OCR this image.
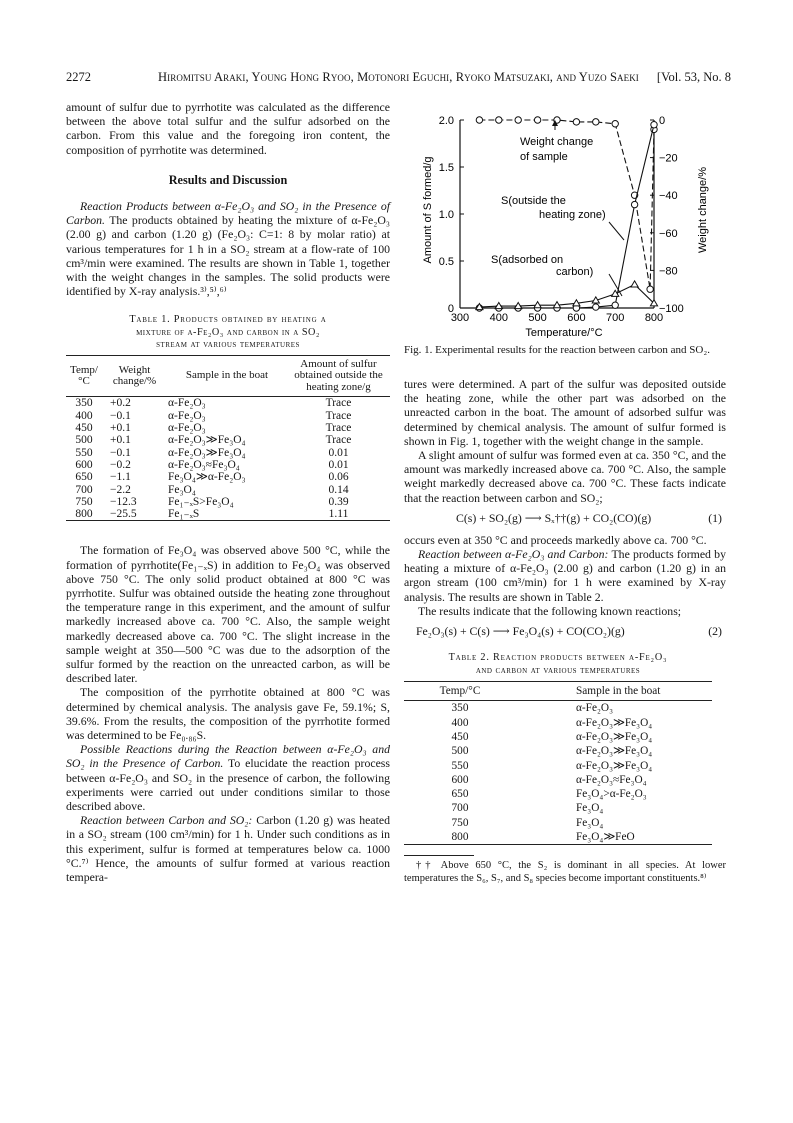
2272	Hiromitsu Araki, Young Hong Ryoo, Motonori Eguchi, Ryoko Matsuzaki, and Yuzo Saeki [Vol. 53, No. 8

amount of sulfur due to pyrrhotite was calculated as the difference between the above total sulfur and the sulfur adsorbed on the carbon. From this value and the foregoing iron content, the composition of pyrrhotite was determined.

Results and Discussion

Reaction Products between α-Fe₂O₃ and SO₂ in the Presence of Carbon. The products obtained by heating the mixture of α-Fe₂O₃ (2.00 g) and carbon (1.20 g) (Fe₂O₃: C=1: 8 by molar ratio) at various temperatures for 1 h in a SO₂ stream at a flow-rate of 100 cm³/min were examined. The results are shown in Table 1, together with the weight changes in the samples. The solid products were identified by X-ray analysis.³⁾,⁵⁾,⁶⁾

Table 1. Products obtained by heating a
mixture of α-Fe₂O₃ and carbon in a SO₂
stream at various temperatures
Temp/ °C	Weight change/%	Sample in the boat	Amount of sulfur obtained outside the heating zone/g
350	+0.2	α-Fe₂O₃	Trace
400	−0.1	α-Fe₂O₃	Trace
450	+0.1	α-Fe₂O₃	Trace
500	+0.1	α-Fe₂O₃≫Fe₃O₄	Trace
550	−0.1	α-Fe₂O₃≫Fe₃O₄	0.01
600	−0.2	α-Fe₂O₃≈Fe₃O₄	0.01
650	−1.1	Fe₃O₄≫α-Fe₂O₃	0.06
700	−2.2	Fe₃O₄	0.14
750	−12.3	Fe₁₋ₓS>Fe₃O₄	0.39
800	−25.5	Fe₁₋ₓS	1.11

The formation of Fe₃O₄ was observed above 500 °C, while the formation of pyrrhotite(Fe₁₋ₓS) in addition to Fe₃O₄ was observed above 750 °C. The only solid product obtained at 800 °C was pyrrhotite. Sulfur was obtained outside the heating zone throughout the temperature range in this experiment, and the amount of sulfur markedly increased above ca. 700 °C. Also, the sample weight markedly decreased above ca. 700 °C. The slight increase in the sample weight at 350—500 °C was due to the adsorption of the sulfur formed by the reaction on the unreacted carbon, as will be described later.

The composition of the pyrrhotite obtained at 800 °C was determined by chemical analysis. The analysis gave Fe, 59.1%; S, 39.6%. From the results, the composition of the pyrrhotite formed was determined to be Fe₀.₈₆S.

Possible Reactions during the Reaction between α-Fe₂O₃ and SO₂ in the Presence of Carbon. To elucidate the reaction process between α-Fe₂O₃ and SO₂ in the presence of carbon, the following experiments were carried out under conditions similar to those described above.

Reaction between Carbon and SO₂: Carbon (1.20 g) was heated in a SO₂ stream (100 cm³/min) for 1 h. Under such conditions as in this experiment, sulfur is formed at temperatures below ca. 1000 °C.⁷⁾ Hence, the amounts of sulfur formed at various reaction tempera-

300 400 500 600 700 800
0
0.5
1.0
1.5
2.0	0
−20
−40
−60
−80
−100
Amount of S formed/g	Weight change/%
Temperature/°C
Weight change
of sample
S(outside the
heating zone)
S(adsorbed on
carbon)
Fig. 1. Experimental results for the reaction between carbon and SO₂.

tures were determined. A part of the sulfur was deposited outside the heating zone, while the other part was adsorbed on the unreacted carbon in the boat. The amount of adsorbed sulfur was determined by chemical analysis. The amount of sulfur formed is shown in Fig. 1, together with the weight change in the sample.

A slight amount of sulfur was formed even at ca. 350 °C, and the amount was markedly increased above ca. 700 °C. Also, the sample weight markedly decreased above ca. 700 °C. These facts indicate that the reaction between carbon and SO₂;

C(s) + SO₂(g) ⟶ Sₓ††(g) + CO₂(CO)(g)	(1)

occurs even at 350 °C and proceeds markedly above ca. 700 °C.

Reaction between α-Fe₂O₃ and Carbon: The products formed by heating a mixture of α-Fe₂O₃ (2.00 g) and carbon (1.20 g) in an argon stream (100 cm³/min) for 1 h were examined by X-ray analysis. The results are shown in Table 2.

The results indicate that the following known reactions;

Fe₂O₃(s) + C(s) ⟶ Fe₃O₄(s) + CO(CO₂)(g)	(2)
Table 2. Reaction products between α-Fe₂O₃
and carbon at various temperatures
Temp/°C	Sample in the boat
350	α-Fe₂O₃
400	α-Fe₂O₃≫Fe₃O₄
450	α-Fe₂O₃≫Fe₃O₄
500	α-Fe₂O₃≫Fe₃O₄
550	α-Fe₂O₃≫Fe₃O₄
600	α-Fe₂O₃≈Fe₃O₄
650	Fe₃O₄>α-Fe₂O₃
700	Fe₃O₄
750	Fe₃O₄
800	Fe₃O₄≫FeO

†† Above 650 °C, the S₂ is dominant in all species. At lower temperatures the S₆, S₇, and S₈ species become important constituents.⁸⁾
